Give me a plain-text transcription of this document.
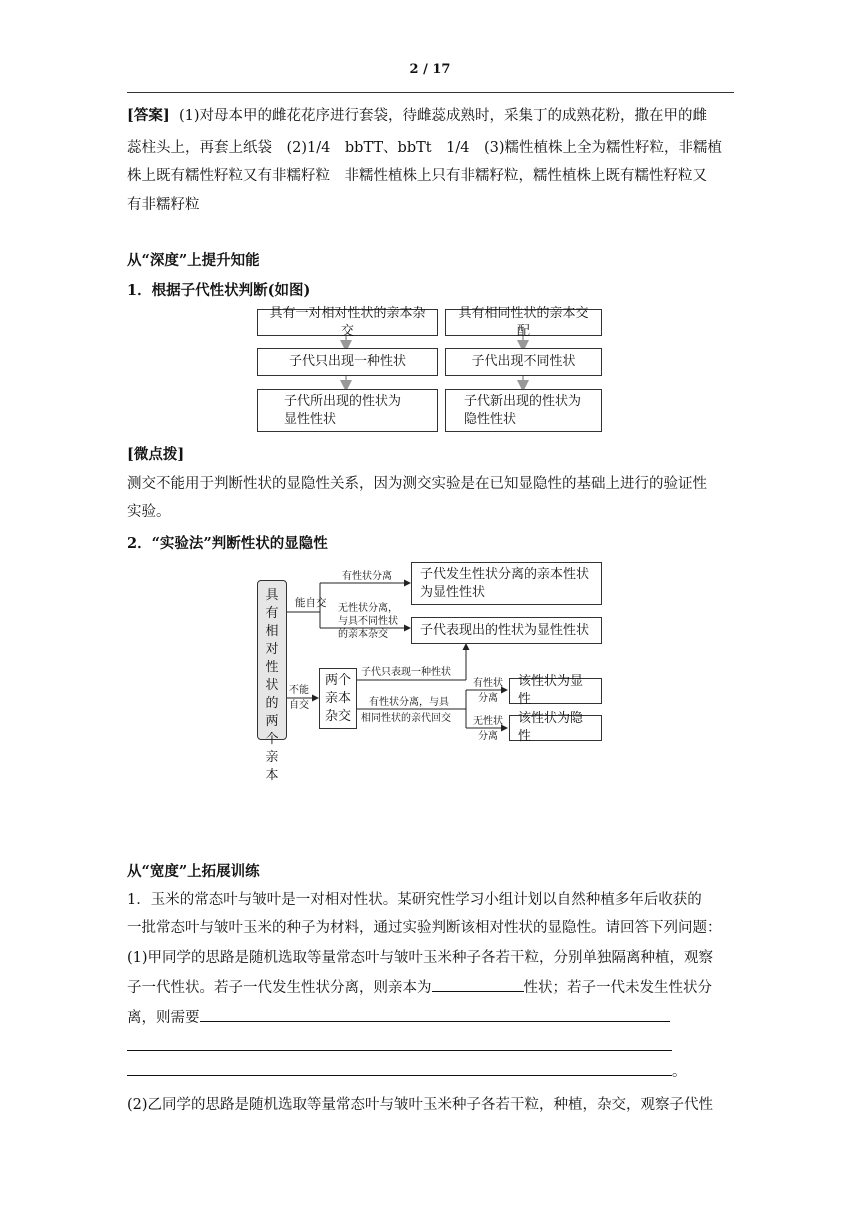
2 / 17
[答案] (1)对母本甲的雌花花序进行套袋，待雌蕊成熟时，采集丁的成熟花粉，撒在甲的雌
蕊柱头上，再套上纸袋　(2)1/4　bbTT、bbTt　1/4　(3)糯性植株上全为糯性籽粒，非糯植
株上既有糯性籽粒又有非糯籽粒　非糯性植株上只有非糯籽粒，糯性植株上既有糯性籽粒又
有非糯籽粒
从“深度”上提升知能
1．根据子代性状判断(如图)
具有一对相对性状的亲本杂交
子代只出现一种性状
子代所出现的性状为
显性性状
具有相同性状的亲本交配
子代出现不同性状
子代新出现的性状为
隐性性状
[微点拨]
测交不能用于判断性状的显隐性关系，因为测交实验是在已知显隐性的基础上进行的验证性
实验。
2．“实验法”判断性状的显隐性
具有
相对
性状
的两
个亲
本
能自交
不能
自交
有性状分离
无性状分离，
与具不同性状
的亲本杂交
子代发生性状分离的亲本性状
为显性性状
子代表现出的性状为显性性状
两个
亲本
杂交
子代只表现一种性状
有性状分离，与具
相同性状的亲代回交
有性状
分离
无性状
分离
该性状为显性
该性状为隐性
从“宽度”上拓展训练
1．玉米的常态叶与皱叶是一对相对性状。某研究性学习小组计划以自然种植多年后收获的
一批常态叶与皱叶玉米的种子为材料，通过实验判断该相对性状的显隐性。请回答下列问题：
(1)甲同学的思路是随机选取等量常态叶与皱叶玉米种子各若干粒，分别单独隔离种植，观察
子一代性状。若子一代发生性状分离，则亲本为	性状；若子一代未发生性状分
离，则需要
。
(2)乙同学的思路是随机选取等量常态叶与皱叶玉米种子各若干粒，种植，杂交，观察子代性
